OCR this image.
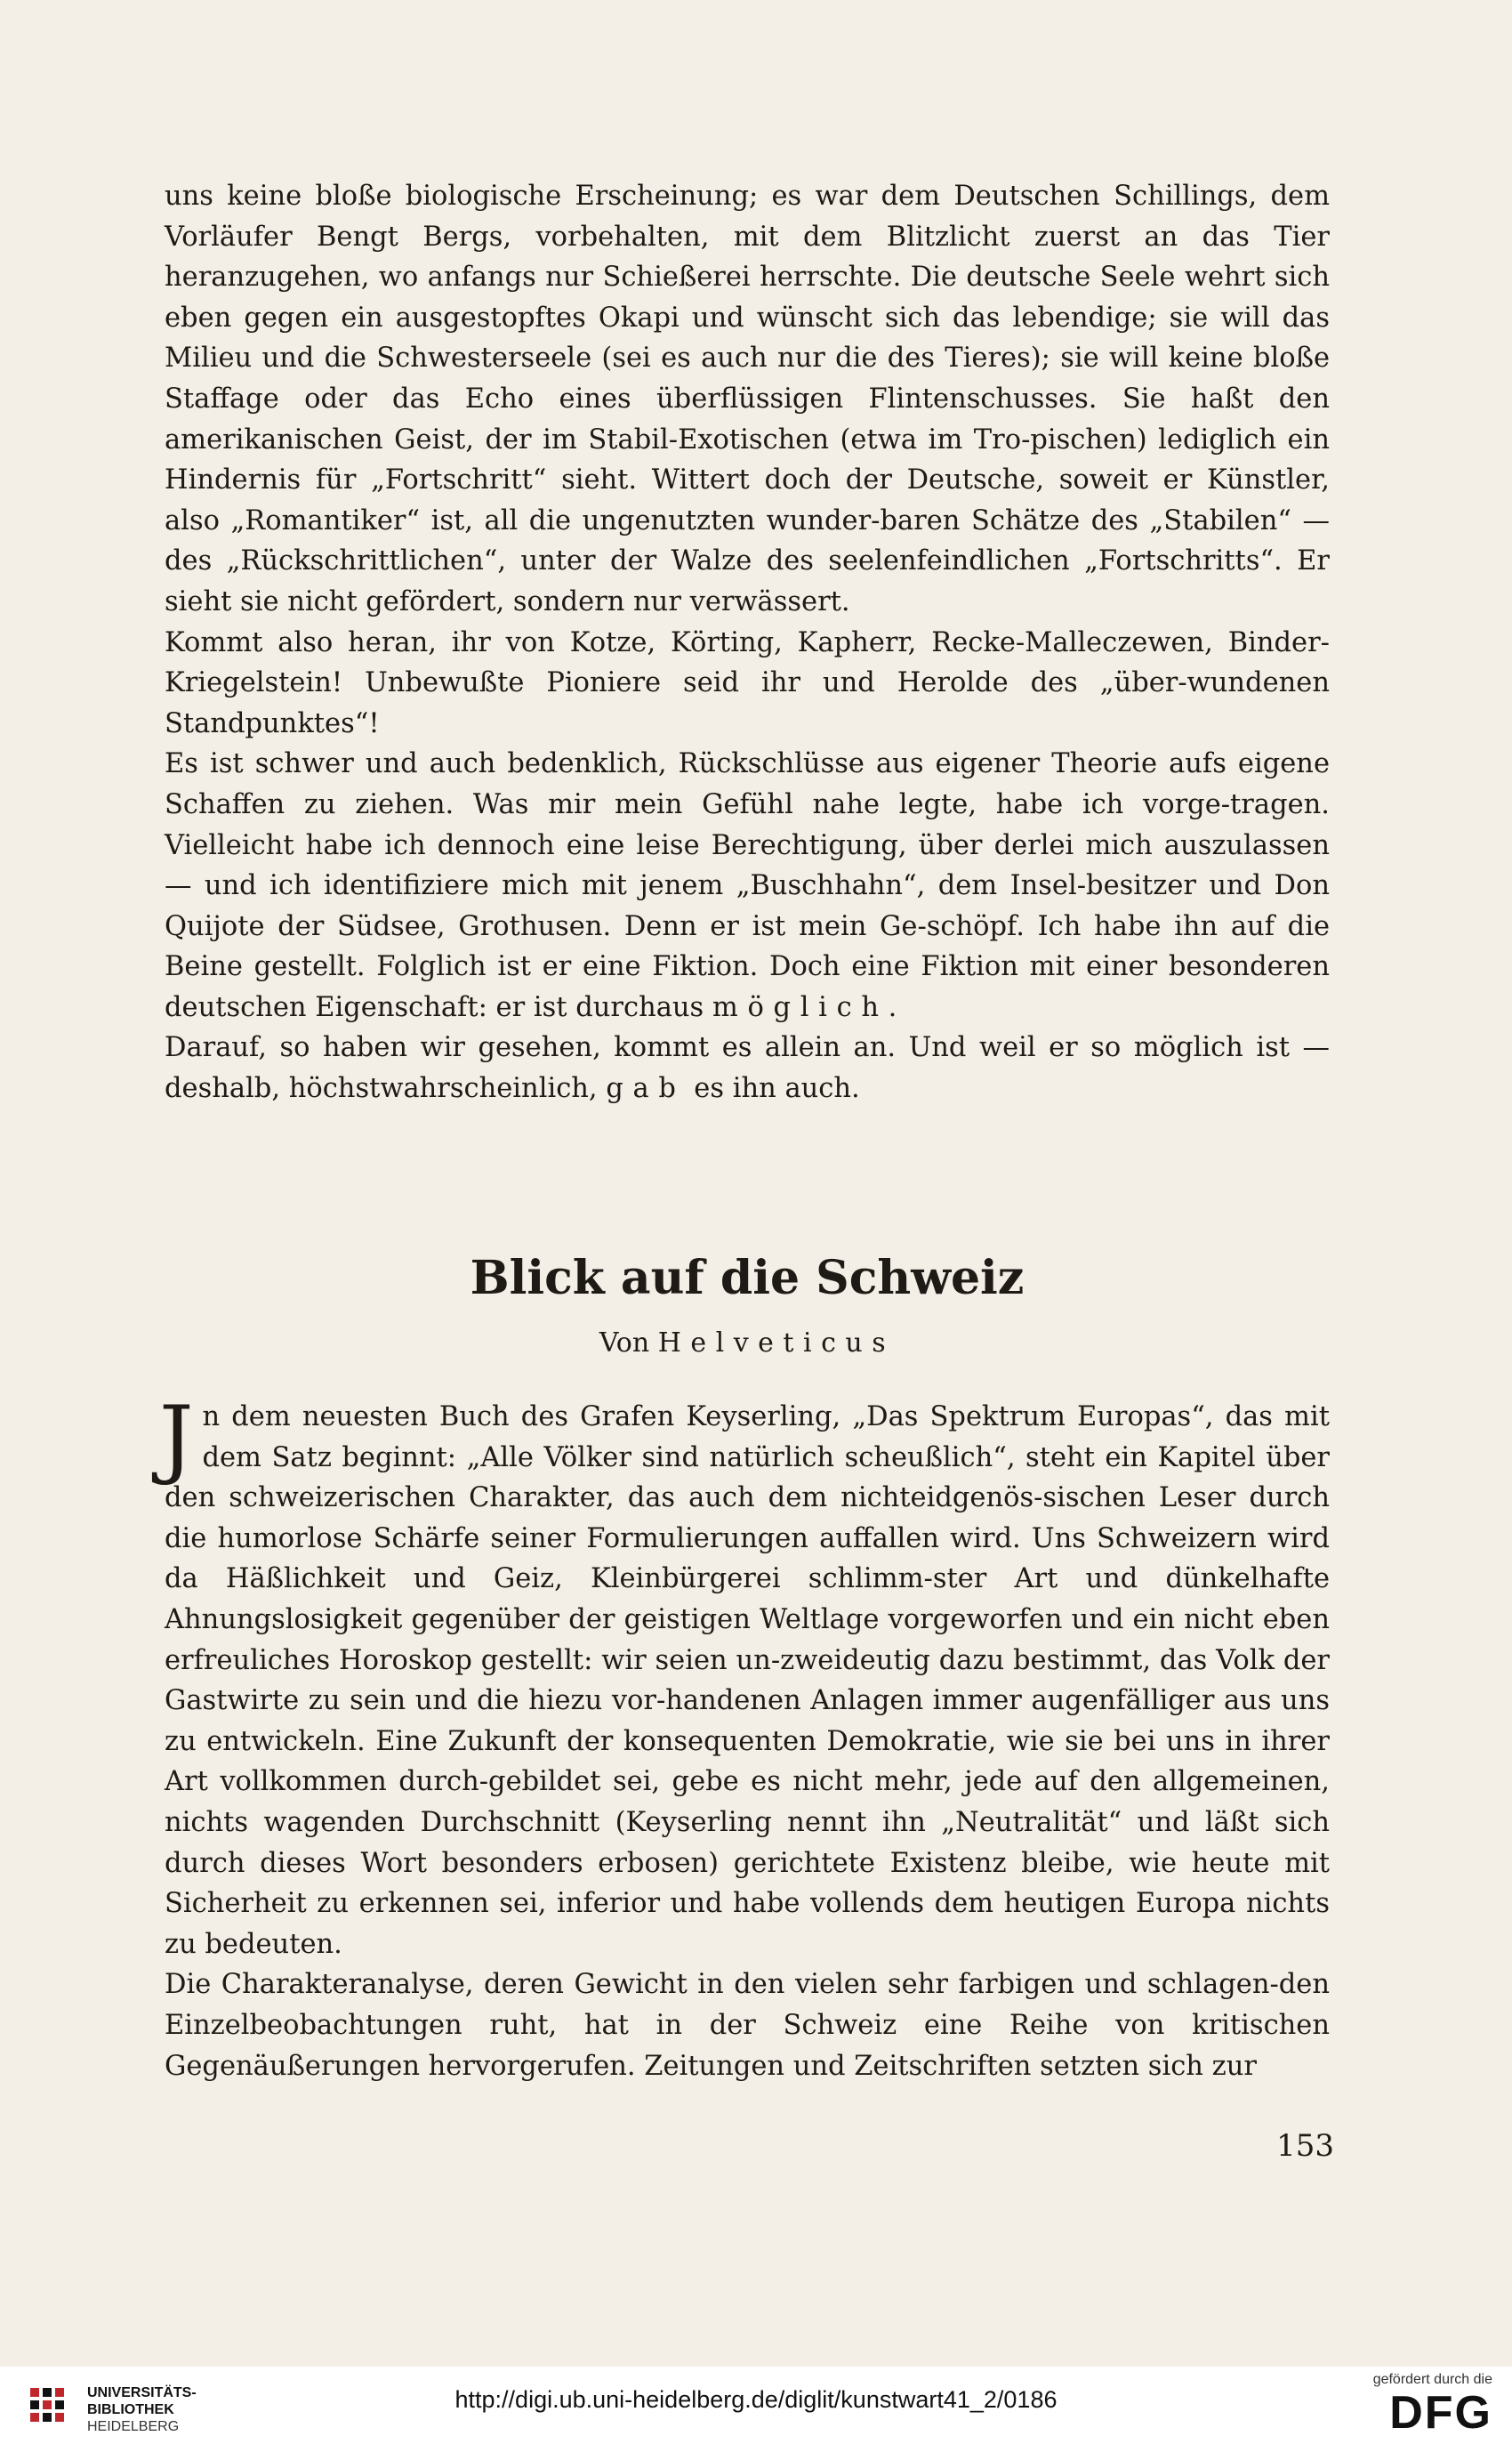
uns keine bloße biologische Erscheinung; es war dem Deutschen Schillings, dem Vorläufer Bengt Bergs, vorbehalten, mit dem Blitzlicht zuerst an das Tier heranzugehen, wo anfangs nur Schießerei herrschte. Die deutsche Seele wehrt sich eben gegen ein ausgestopftes Okapi und wünscht sich das lebendige; sie will das Milieu und die Schwesterseele (sei es auch nur die des Tieres); sie will keine bloße Staffage oder das Echo eines überflüssigen Flintenschusses. Sie haßt den amerikanischen Geist, der im Stabil-Exotischen (etwa im Tro-pischen) lediglich ein Hindernis für „Fortschritt“ sieht. Wittert doch der Deutsche, soweit er Künstler, also „Romantiker“ ist, all die ungenutzten wunder-baren Schätze des „Stabilen“ — des „Rückschrittlichen“, unter der Walze des seelenfeindlichen „Fortschritts“. Er sieht sie nicht gefördert, sondern nur verwässert.

Kommt also heran, ihr von Kotze, Körting, Kapherr, Recke-Malleczewen, Binder-Kriegelstein! Unbewußte Pioniere seid ihr und Herolde des „über-wundenen Standpunktes“!

Es ist schwer und auch bedenklich, Rückschlüsse aus eigener Theorie aufs eigene Schaffen zu ziehen. Was mir mein Gefühl nahe legte, habe ich vorge-tragen. Vielleicht habe ich dennoch eine leise Berechtigung, über derlei mich auszulassen — und ich identifiziere mich mit jenem „Buschhahn“, dem Insel-besitzer und Don Quijote der Südsee, Grothusen. Denn er ist mein Ge-schöpf. Ich habe ihn auf die Beine gestellt. Folglich ist er eine Fiktion. Doch eine Fiktion mit einer besonderen deutschen Eigenschaft: er ist durchaus möglich.

Darauf, so haben wir gesehen, kommt es allein an. Und weil er so möglich ist — deshalb, höchstwahrscheinlich, gab es ihn auch.

Blick auf die Schweiz
Von Helveticus

Jn dem neuesten Buch des Grafen Keyserling, „Das Spektrum Europas“, das mit dem Satz beginnt: „Alle Völker sind natürlich scheußlich“, steht ein Kapitel über den schweizerischen Charakter, das auch dem nichteidgenös-sischen Leser durch die humorlose Schärfe seiner Formulierungen auffallen wird. Uns Schweizern wird da Häßlichkeit und Geiz, Kleinbürgerei schlimm-ster Art und dünkelhafte Ahnungslosigkeit gegenüber der geistigen Weltlage vorgeworfen und ein nicht eben erfreuliches Horoskop gestellt: wir seien un-zweideutig dazu bestimmt, das Volk der Gastwirte zu sein und die hiezu vor-handenen Anlagen immer augenfälliger aus uns zu entwickeln. Eine Zukunft der konsequenten Demokratie, wie sie bei uns in ihrer Art vollkommen durch-gebildet sei, gebe es nicht mehr, jede auf den allgemeinen, nichts wagenden Durchschnitt (Keyserling nennt ihn „Neutralität“ und läßt sich durch dieses Wort besonders erbosen) gerichtete Existenz bleibe, wie heute mit Sicherheit zu erkennen sei, inferior und habe vollends dem heutigen Europa nichts zu bedeuten.

Die Charakteranalyse, deren Gewicht in den vielen sehr farbigen und schlagen-den Einzelbeobachtungen ruht, hat in der Schweiz eine Reihe von kritischen Gegenäußerungen hervorgerufen. Zeitungen und Zeitschriften setzten sich zur

153
UNIVERSITÄTS-
BIBLIOTHEK
HEIDELBERG
http://digi.ub.uni-heidelberg.de/diglit/kunstwart41_2/0186
gefördert durch die
DFG
